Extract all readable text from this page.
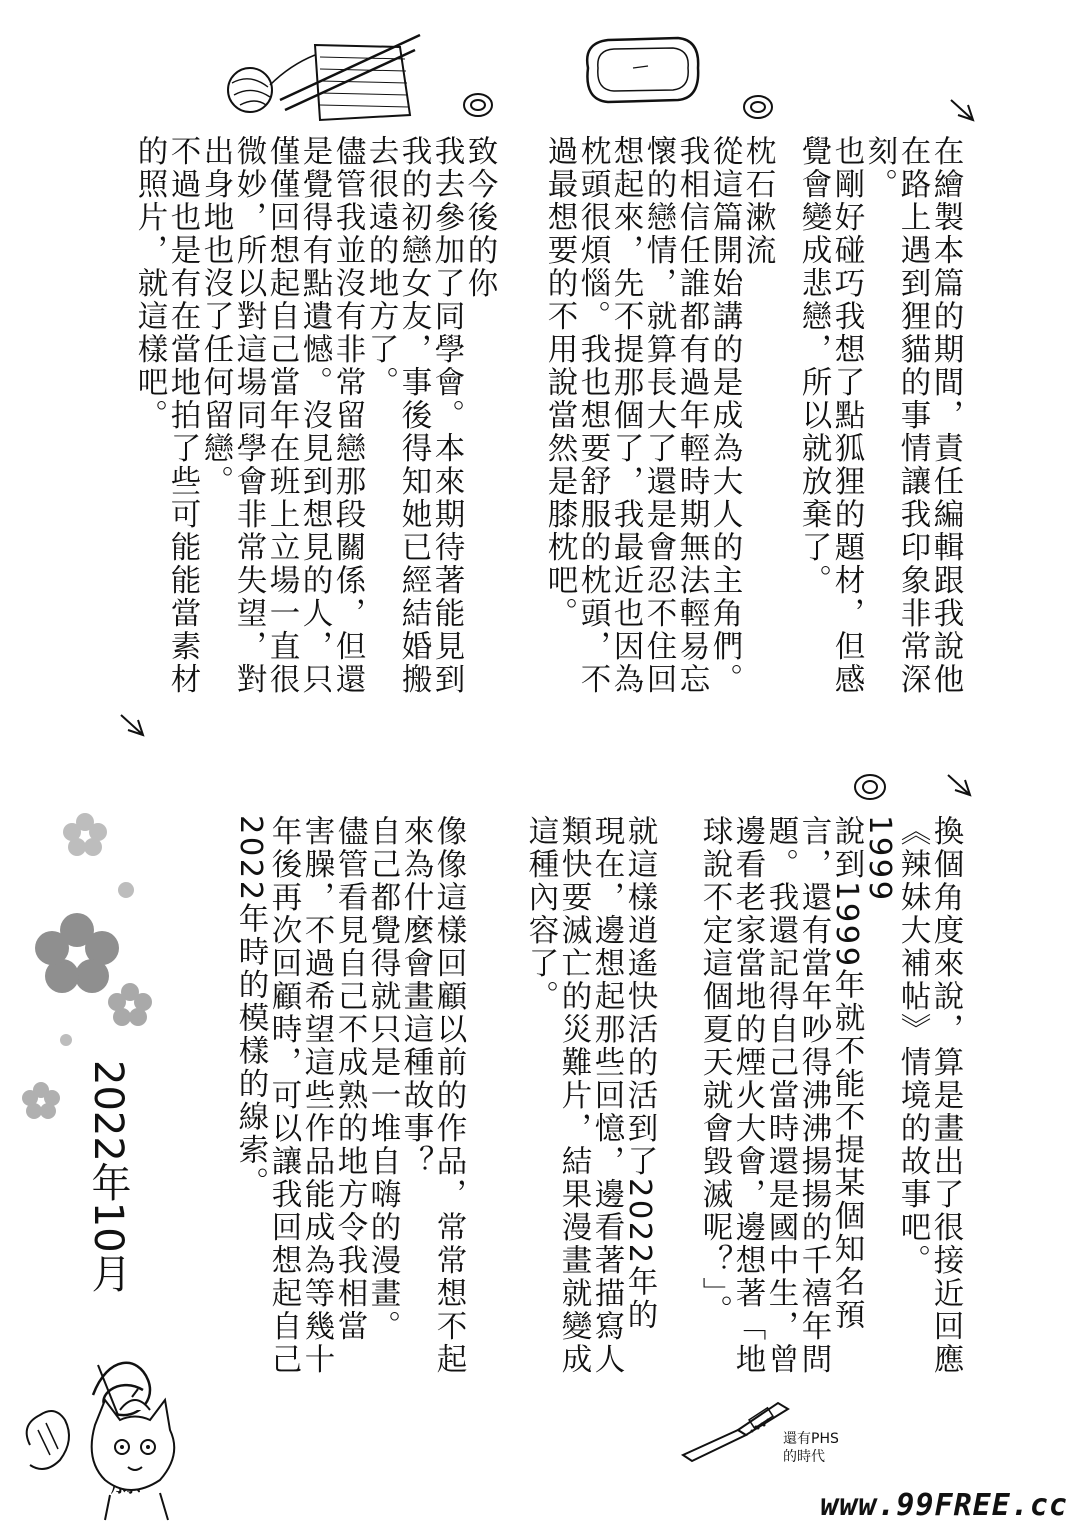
在繪製本篇的期間，責任編輯跟我說他
在路上遇到狸貓的事情讓我印象非常深
刻。
也剛好碰巧我想了點狐狸的題材，但感
覺會變成悲戀，所以就放棄了。
枕石漱流
從這篇開始講的是成為大人的主角們。
我相信任誰都有過年輕時期無法輕易忘
懷的戀情，就算長大了還是會忍不住回
想起來，先不提那個了，我最近也因為
枕頭很煩惱。我也想要舒服的枕頭，不
過最想要的不用說當然是膝枕吧。
致今後的你
我去參加了同學會。本來期待著能見到
我的初戀女友，事後得知她已經結婚搬
去很遠的地方了。
儘管我並沒有非常留戀那段關係，但還
是覺得有點遺憾。沒見到想見的人，只
僅僅回想起自己當年在班上立場一直很
微妙，所以對這場同學會非常失望，對
出身地也沒了任何留戀。
不過也是有在當地拍了些可能能當素材
的照片，就這樣吧。
換個角度來說，算是畫出了很接近回應
《辣妹大補帖》情境的故事吧。
1999
說到1999年就不能不提某個知名預
言，還有當年吵得沸沸揚揚的千禧年問
題。我還記得自己當時還是國中生，曾
邊看老家當地的煙火大會，邊想著「地
球說不定這個夏天就會毀滅呢？」。
就這樣逍遙快活的活到了2022年的
現在，邊想起那些回憶，邊看著描寫人
類快要滅亡的災難片，結果漫畫就變成
這種內容了。
像像這樣回顧以前的作品，常常想不起
來為什麼會畫這種故事？
自己都覺得就只是一堆自嗨的漫畫。
儘管看見自己不成熟的地方令我相當
害臊，不過希望這些作品能成為等幾十
年後再次回顧時，可以讓我回想起自己
2022年時的模樣的線索。
2022年10月
還有PHS
的時代
www.99FREE.cc
